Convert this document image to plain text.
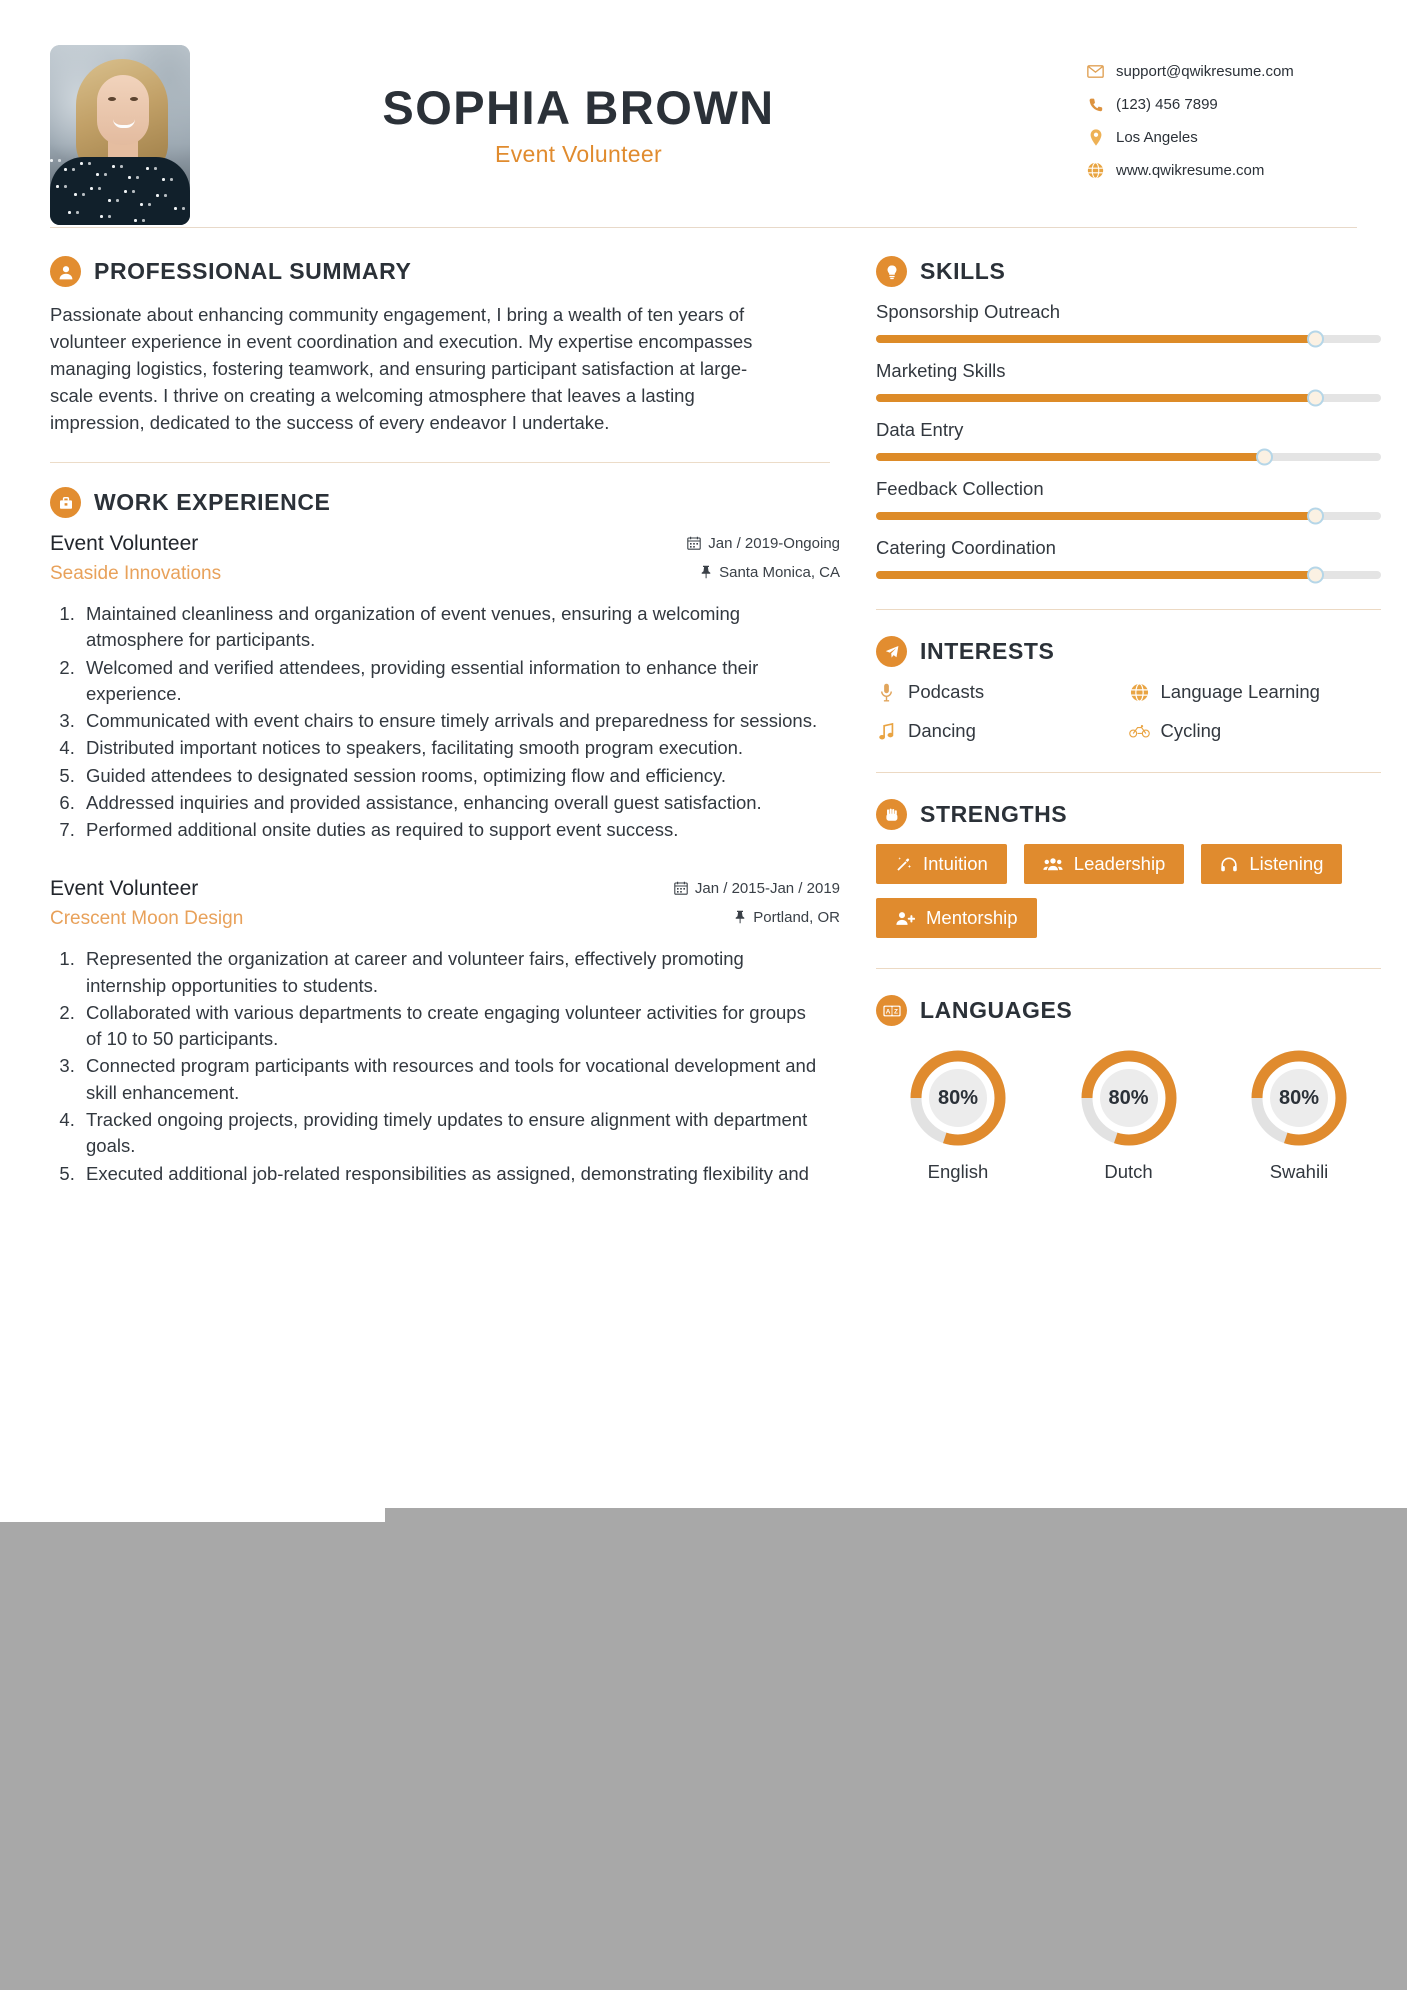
SOPHIA BROWN
Event Volunteer
support@qwikresume.com
(123) 456 7899
Los Angeles
www.qwikresume.com
PROFESSIONAL SUMMARY
Passionate about enhancing community engagement, I bring a wealth of ten years of volunteer experience in event coordination and execution. My expertise encompasses managing logistics, fostering teamwork, and ensuring participant satisfaction at large-scale events. I thrive on creating a welcoming atmosphere that leaves a lasting impression, dedicated to the success of every endeavor I undertake.
WORK EXPERIENCE
Event Volunteer	Jan / 2019-Ongoing
Seaside Innovations	Santa Monica, CA
1. Maintained cleanliness and organization of event venues, ensuring a welcoming atmosphere for participants.
2. Welcomed and verified attendees, providing essential information to enhance their experience.
3. Communicated with event chairs to ensure timely arrivals and preparedness for sessions.
4. Distributed important notices to speakers, facilitating smooth program execution.
5. Guided attendees to designated session rooms, optimizing flow and efficiency.
6. Addressed inquiries and provided assistance, enhancing overall guest satisfaction.
7. Performed additional onsite duties as required to support event success.
Event Volunteer	Jan / 2015-Jan / 2019
Crescent Moon Design	Portland, OR
1. Represented the organization at career and volunteer fairs, effectively promoting internship opportunities to students.
2. Collaborated with various departments to create engaging volunteer activities for groups of 10 to 50 participants.
3. Connected program participants with resources and tools for vocational development and skill enhancement.
4. Tracked ongoing projects, providing timely updates to ensure alignment with department goals.
5. Executed additional job-related responsibilities as assigned, demonstrating flexibility and
SKILLS
Sponsorship Outreach
Marketing Skills
Data Entry
Feedback Collection
Catering Coordination
INTERESTS
Podcasts	Language Learning
Dancing	Cycling
STRENGTHS
Intuition	Leadership	Listening
Mentorship
A Z LANGUAGES
80%
English
80%
Dutch
80%
Swahili
